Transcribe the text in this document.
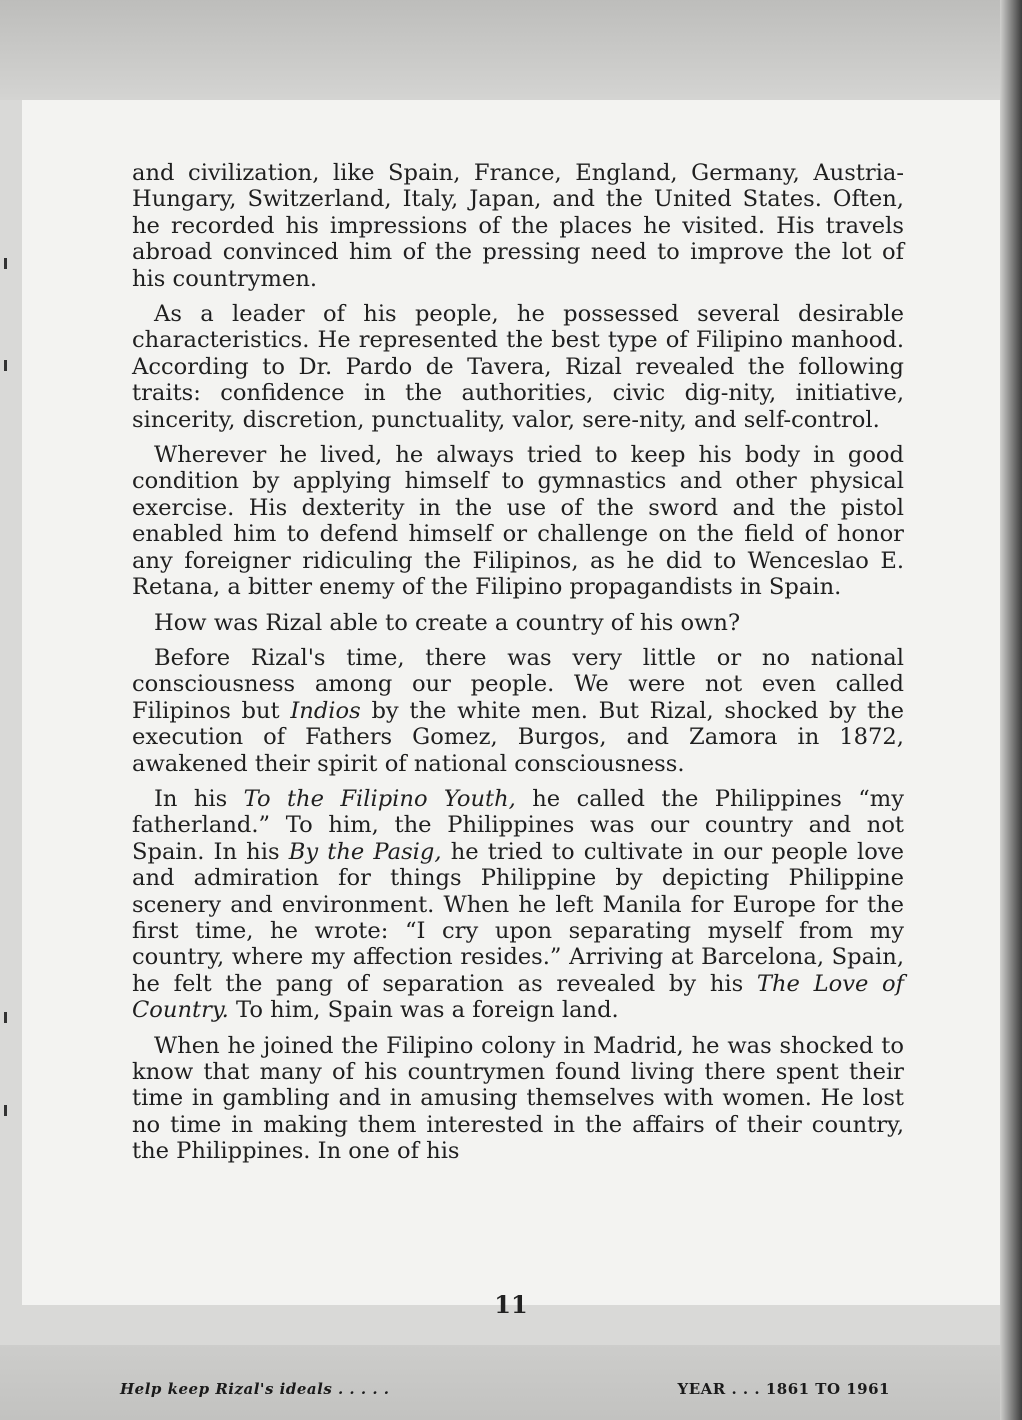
and civilization, like Spain, France, England, Germany, Austria-Hungary, Switzerland, Italy, Japan, and the United States. Often, he recorded his impressions of the places he visited. His travels abroad convinced him of the pressing need to improve the lot of his countrymen.

As a leader of his people, he possessed several desirable characteristics. He represented the best type of Filipino manhood. According to Dr. Pardo de Tavera, Rizal revealed the following traits: confidence in the authorities, civic dig-nity, initiative, sincerity, discretion, punctuality, valor, sere-nity, and self-control.

Wherever he lived, he always tried to keep his body in good condition by applying himself to gymnastics and other physical exercise. His dexterity in the use of the sword and the pistol enabled him to defend himself or challenge on the field of honor any foreigner ridiculing the Filipinos, as he did to Wenceslao E. Retana, a bitter enemy of the Filipino propagandists in Spain.

How was Rizal able to create a country of his own?

Before Rizal's time, there was very little or no national consciousness among our people. We were not even called Filipinos but Indios by the white men. But Rizal, shocked by the execution of Fathers Gomez, Burgos, and Zamora in 1872, awakened their spirit of national consciousness.

In his To the Filipino Youth, he called the Philippines “my fatherland.” To him, the Philippines was our country and not Spain. In his By the Pasig, he tried to cultivate in our people love and admiration for things Philippine by depicting Philippine scenery and environment. When he left Manila for Europe for the first time, he wrote: “I cry upon separating myself from my country, where my affection resides.” Arriving at Barcelona, Spain, he felt the pang of separation as revealed by his The Love of Country. To him, Spain was a foreign land.

When he joined the Filipino colony in Madrid, he was shocked to know that many of his countrymen found living there spent their time in gambling and in amusing themselves with women. He lost no time in making them interested in the affairs of their country, the Philippines. In one of his

11
Help keep Rizal's ideals . . . . .	YEAR . . . 1861 TO 1961
